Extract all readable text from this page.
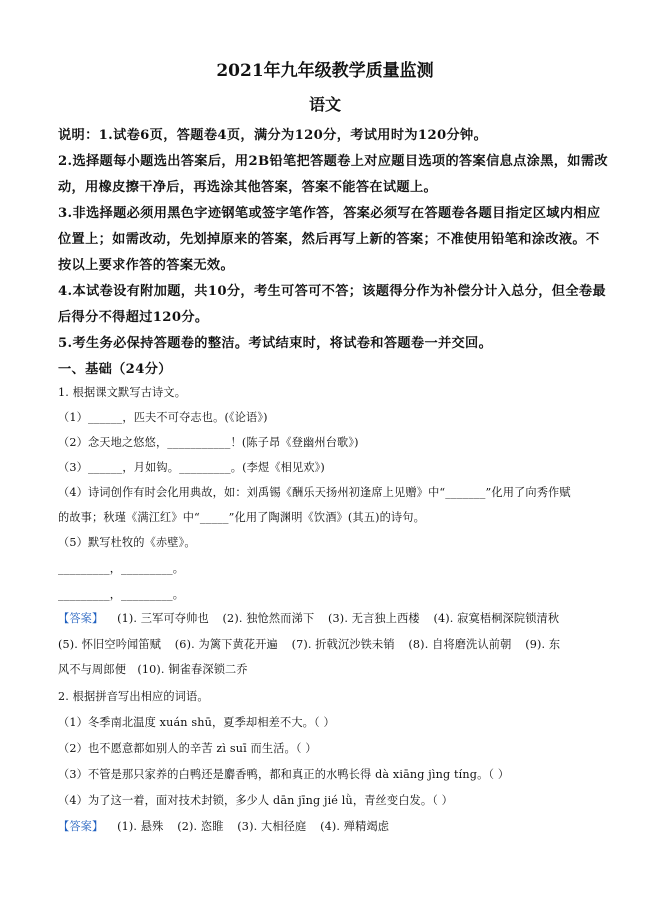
2021年九年级教学质量监测
语文
说明：1.试卷6页，答题卷4页，满分为120分，考试用时为120分钟。
2.选择题每小题选出答案后，用2B铅笔把答题卷上对应题目选项的答案信息点涂黑，如需改
动，用橡皮擦干净后，再选涂其他答案，答案不能答在试题上。
3.非选择题必须用黑色字迹钢笔或签字笔作答，答案必须写在答题卷各题目指定区域内相应
位置上；如需改动，先划掉原来的答案，然后再写上新的答案；不准使用铅笔和涂改液。不
按以上要求作答的答案无效。
4.本试卷设有附加题，共10分，考生可答可不答；该题得分作为补偿分计入总分，但全卷最
后得分不得超过120分。
5.考生务必保持答题卷的整洁。考试结束时，将试卷和答题卷一并交回。
一、基础（24分）
1. 根据课文默写古诗文。
（1）______，匹夫不可夺志也。(《论语》)
（2）念天地之悠悠，___________！(陈子昂《登幽州台歌》)
（3）______，月如钩。_________。(李煜《相见欢》)
（4）诗词创作有时会化用典故，如：刘禹锡《酬乐天扬州初逢席上见赠》中“_______”化用了向秀作赋
的故事；秋瑾《满江红》中“_____”化用了陶渊明《饮酒》(其五)的诗句。
（5）默写杜牧的《赤壁》。
_________，_________。
_________，_________。
【答案】 (1). 三军可夺帅也 (2). 独怆然而涕下 (3). 无言独上西楼 (4). 寂寞梧桐深院锁清秋
(5). 怀旧空吟闻笛赋 (6). 为篱下黄花开遍 (7). 折戟沉沙铁未销 (8). 自将磨洗认前朝 (9). 东
风不与周郎便　(10). 铜雀春深锁二乔
2. 根据拼音写出相应的词语。
（1）冬季南北温度 xuán shū，夏季却相差不大。（ ）
（2）也不愿意都如别人的辛苦 zì suī 而生活。（ ）
（3）不管是那只家养的白鸭还是麝香鸭，都和真正的水鸭长得 dà xiāng jìng tíng。（ ）
（4）为了这一着，面对技术封锁，多少人 dān jīng jié lǜ，青丝变白发。（ ）
【答案】 (1). 悬殊 (2). 恣睢 (3). 大相径庭 (4). 殚精竭虑
